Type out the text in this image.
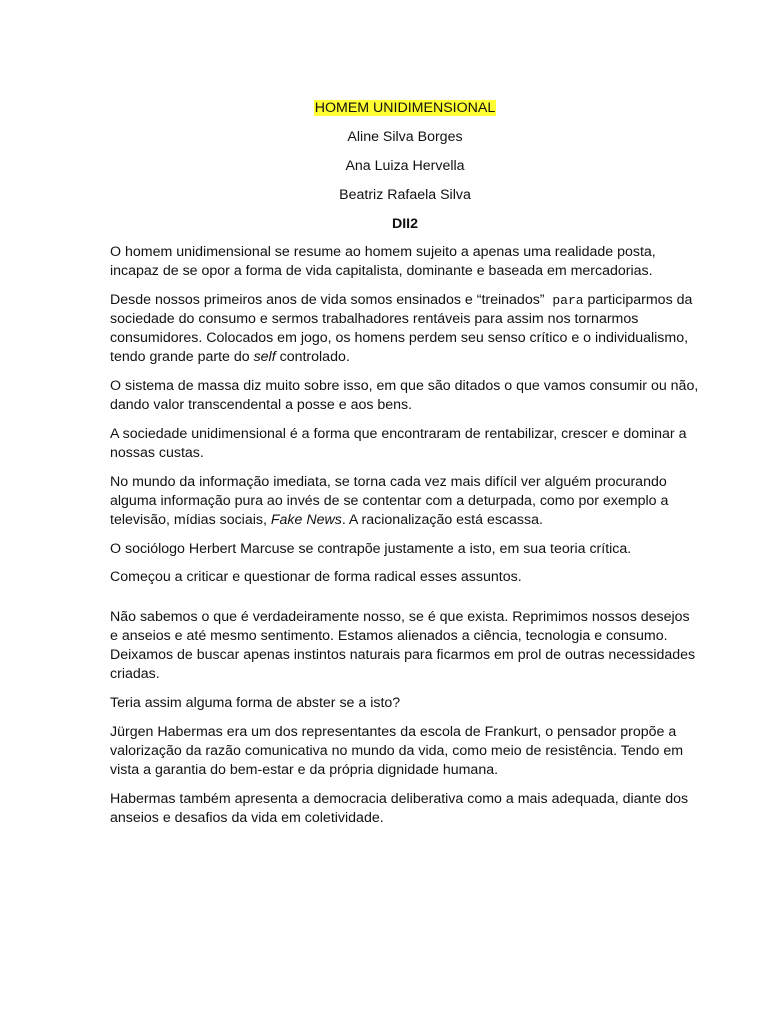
HOMEM UNIDIMENSIONAL

Aline Silva Borges

Ana Luiza Hervella

Beatriz Rafaela Silva

DII2

O homem unidimensional se resume ao homem sujeito a apenas uma realidade posta, incapaz de se opor a forma de vida capitalista, dominante e baseada em mercadorias.

Desde nossos primeiros anos de vida somos ensinados e “treinados” para participarmos da sociedade do consumo e sermos trabalhadores rentáveis para assim nos tornarmos consumidores. Colocados em jogo, os homens perdem seu senso crítico e o individualismo, tendo grande parte do self controlado.

O sistema de massa diz muito sobre isso, em que são ditados o que vamos consumir ou não, dando valor transcendental a posse e aos bens.

A sociedade unidimensional é a forma que encontraram de rentabilizar, crescer e dominar a nossas custas.

No mundo da informação imediata, se torna cada vez mais difícil ver alguém procurando alguma informação pura ao invés de se contentar com a deturpada, como por exemplo a televisão, mídias sociais, Fake News. A racionalização está escassa.

O sociólogo Herbert Marcuse se contrapõe justamente a isto, em sua teoria crítica.

Começou a criticar e questionar de forma radical esses assuntos.

Não sabemos o que é verdadeiramente nosso, se é que exista. Reprimimos nossos desejos e anseios e até mesmo sentimento. Estamos alienados a ciência, tecnologia e consumo. Deixamos de buscar apenas instintos naturais para ficarmos em prol de outras necessidades criadas.

Teria assim alguma forma de abster se a isto?

Jürgen Habermas era um dos representantes da escola de Frankurt, o pensador propõe a valorização da razão comunicativa no mundo da vida, como meio de resistência. Tendo em vista a garantia do bem-estar e da própria dignidade humana.

Habermas também apresenta a democracia deliberativa como a mais adequada, diante dos anseios e desafios da vida em coletividade.
